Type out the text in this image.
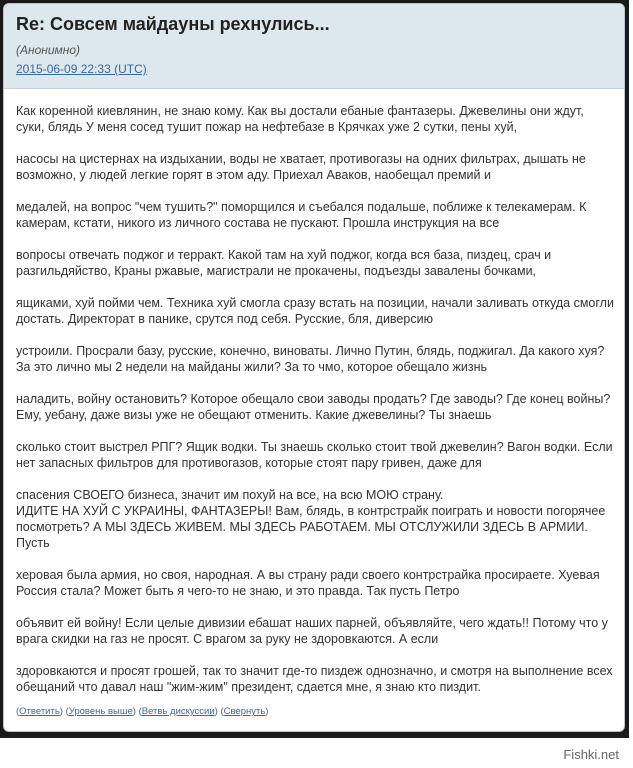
Re: Совсем майдауны рехнулись...
(Анонимно)
2015-06-09 22:33 (UTC)

Как коренной киевлянин, не знаю кому. Как вы достали ебаные фантазеры. Джевелины они ждут, суки, блядь У меня сосед тушит пожар на нефтебазе в Крячках уже 2 сутки, пены хуй,

насосы на цистернах на издыхании, воды не хватает, противогазы на одних фильтрах, дышать не возможно, у людей легкие горят в этом аду. Приехал Аваков, наобещал премий и

медалей, на вопрос "чем тушить?" поморщился и съебался подальше, поближе к телекамерам. К камерам, кстати, никого из личного состава не пускают. Прошла инструкция на все

вопросы отвечать поджог и терракт. Какой там на хуй поджог, когда вся база, пиздец, срач и разгильдяйство, Краны ржавые, магистрали не прокачены, подъезды завалены бочками,

ящиками, хуй пойми чем. Техника хуй смогла сразу встать на позиции, начали заливать откуда смогли достать. Директорат в панике, срутся под себя. Русские, бля, диверсию

устроили. Просрали базу, русские, конечно, виноваты. Лично Путин, блядь, поджигал. Да какого хуя? За это лично мы 2 недели на майданы жили? За то чмо, которое обещало жизнь

наладить, войну остановить? Которое обещало свои заводы продать? Где заводы? Где конец войны? Ему, уебану, даже визы уже не обещают отменить. Какие джевелины? Ты знаешь

сколько стоит выстрел РПГ? Ящик водки. Ты знаешь сколько стоит твой джевелин? Вагон водки. Если нет запасных фильтров для противогазов, которые стоят пару гривен, даже для

спасения СВОЕГО бизнеса, значит им похуй на все, на всю МОЮ страну.
ИДИТЕ НА ХУЙ С УКРАИНЫ, ФАНТАЗЕРЫ! Вам, блядь, в контрстрайк поиграть и новости погорячее посмотреть? А МЫ ЗДЕСЬ ЖИВЕМ. МЫ ЗДЕСЬ РАБОТАЕМ. МЫ ОТСЛУЖИЛИ ЗДЕСЬ В АРМИИ. Пусть

херовая была армия, но своя, народная. А вы страну ради своего контрстрайка просираете. Хуевая Россия стала? Может быть я чего-то не знаю, и это правда. Так пусть Петро

объявит ей войну! Если целые дивизии ебашат наших парней, объявляйте, чего ждать!! Потому что у врага скидки на газ не просят. С врагом за руку не здоровкаются. А если

здоровкаются и просят грошей, так то значит где-то пиздеж однозначно, и смотря на выполнение всех обещаний что давал наш "жим-жим" президент, сдается мне, я знаю кто пиздит.

(Ответить) (Уровень выше) (Ветвь дискуссии) (Свернуть)
Fishki.net
